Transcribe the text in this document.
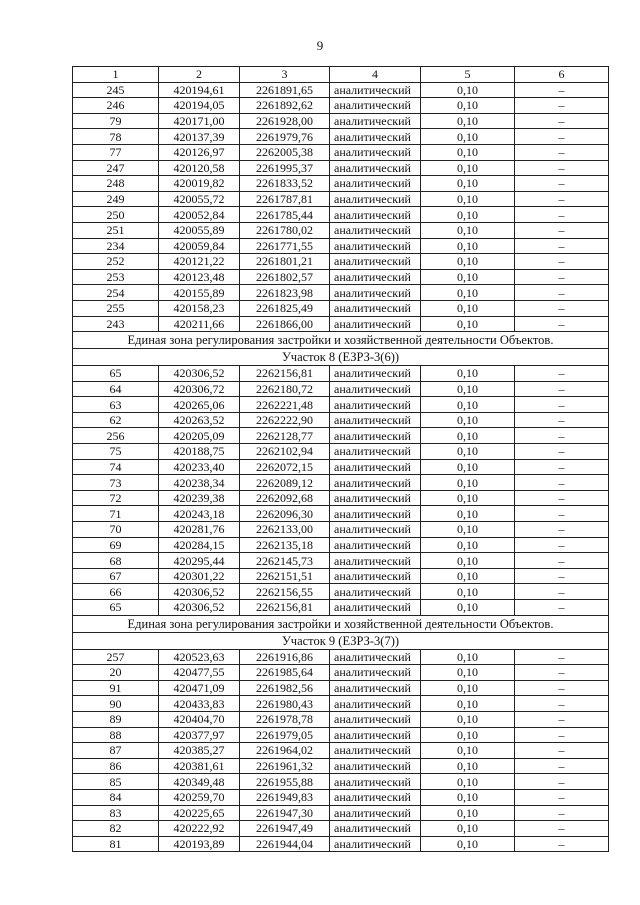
9
1	2	3	4	5	6
245	420194,61	2261891,65	аналитический	0,10	–
246	420194,05	2261892,62	аналитический	0,10	–
79	420171,00	2261928,00	аналитический	0,10	–
78	420137,39	2261979,76	аналитический	0,10	–
77	420126,97	2262005,38	аналитический	0,10	–
247	420120,58	2261995,37	аналитический	0,10	–
248	420019,82	2261833,52	аналитический	0,10	–
249	420055,72	2261787,81	аналитический	0,10	–
250	420052,84	2261785,44	аналитический	0,10	–
251	420055,89	2261780,02	аналитический	0,10	–
234	420059,84	2261771,55	аналитический	0,10	–
252	420121,22	2261801,21	аналитический	0,10	–
253	420123,48	2261802,57	аналитический	0,10	–
254	420155,89	2261823,98	аналитический	0,10	–
255	420158,23	2261825,49	аналитический	0,10	–
243	420211,66	2261866,00	аналитический	0,10	–
Единая зона регулирования застройки и хозяйственной деятельности Объектов.					
Участок 8 (ЕЗРЗ-3(6))					
65	420306,52	2262156,81	аналитический	0,10	–
64	420306,72	2262180,72	аналитический	0,10	–
63	420265,06	2262221,48	аналитический	0,10	–
62	420263,52	2262222,90	аналитический	0,10	–
256	420205,09	2262128,77	аналитический	0,10	–
75	420188,75	2262102,94	аналитический	0,10	–
74	420233,40	2262072,15	аналитический	0,10	–
73	420238,34	2262089,12	аналитический	0,10	–
72	420239,38	2262092,68	аналитический	0,10	–
71	420243,18	2262096,30	аналитический	0,10	–
70	420281,76	2262133,00	аналитический	0,10	–
69	420284,15	2262135,18	аналитический	0,10	–
68	420295,44	2262145,73	аналитический	0,10	–
67	420301,22	2262151,51	аналитический	0,10	–
66	420306,52	2262156,55	аналитический	0,10	–
65	420306,52	2262156,81	аналитический	0,10	–
Единая зона регулирования застройки и хозяйственной деятельности Объектов.					
Участок 9 (ЕЗРЗ-3(7))					
257	420523,63	2261916,86	аналитический	0,10	–
20	420477,55	2261985,64	аналитический	0,10	–
91	420471,09	2261982,56	аналитический	0,10	–
90	420433,83	2261980,43	аналитический	0,10	–
89	420404,70	2261978,78	аналитический	0,10	–
88	420377,97	2261979,05	аналитический	0,10	–
87	420385,27	2261964,02	аналитический	0,10	–
86	420381,61	2261961,32	аналитический	0,10	–
85	420349,48	2261955,88	аналитический	0,10	–
84	420259,70	2261949,83	аналитический	0,10	–
83	420225,65	2261947,30	аналитический	0,10	–
82	420222,92	2261947,49	аналитический	0,10	–
81	420193,89	2261944,04	аналитический	0,10	–
